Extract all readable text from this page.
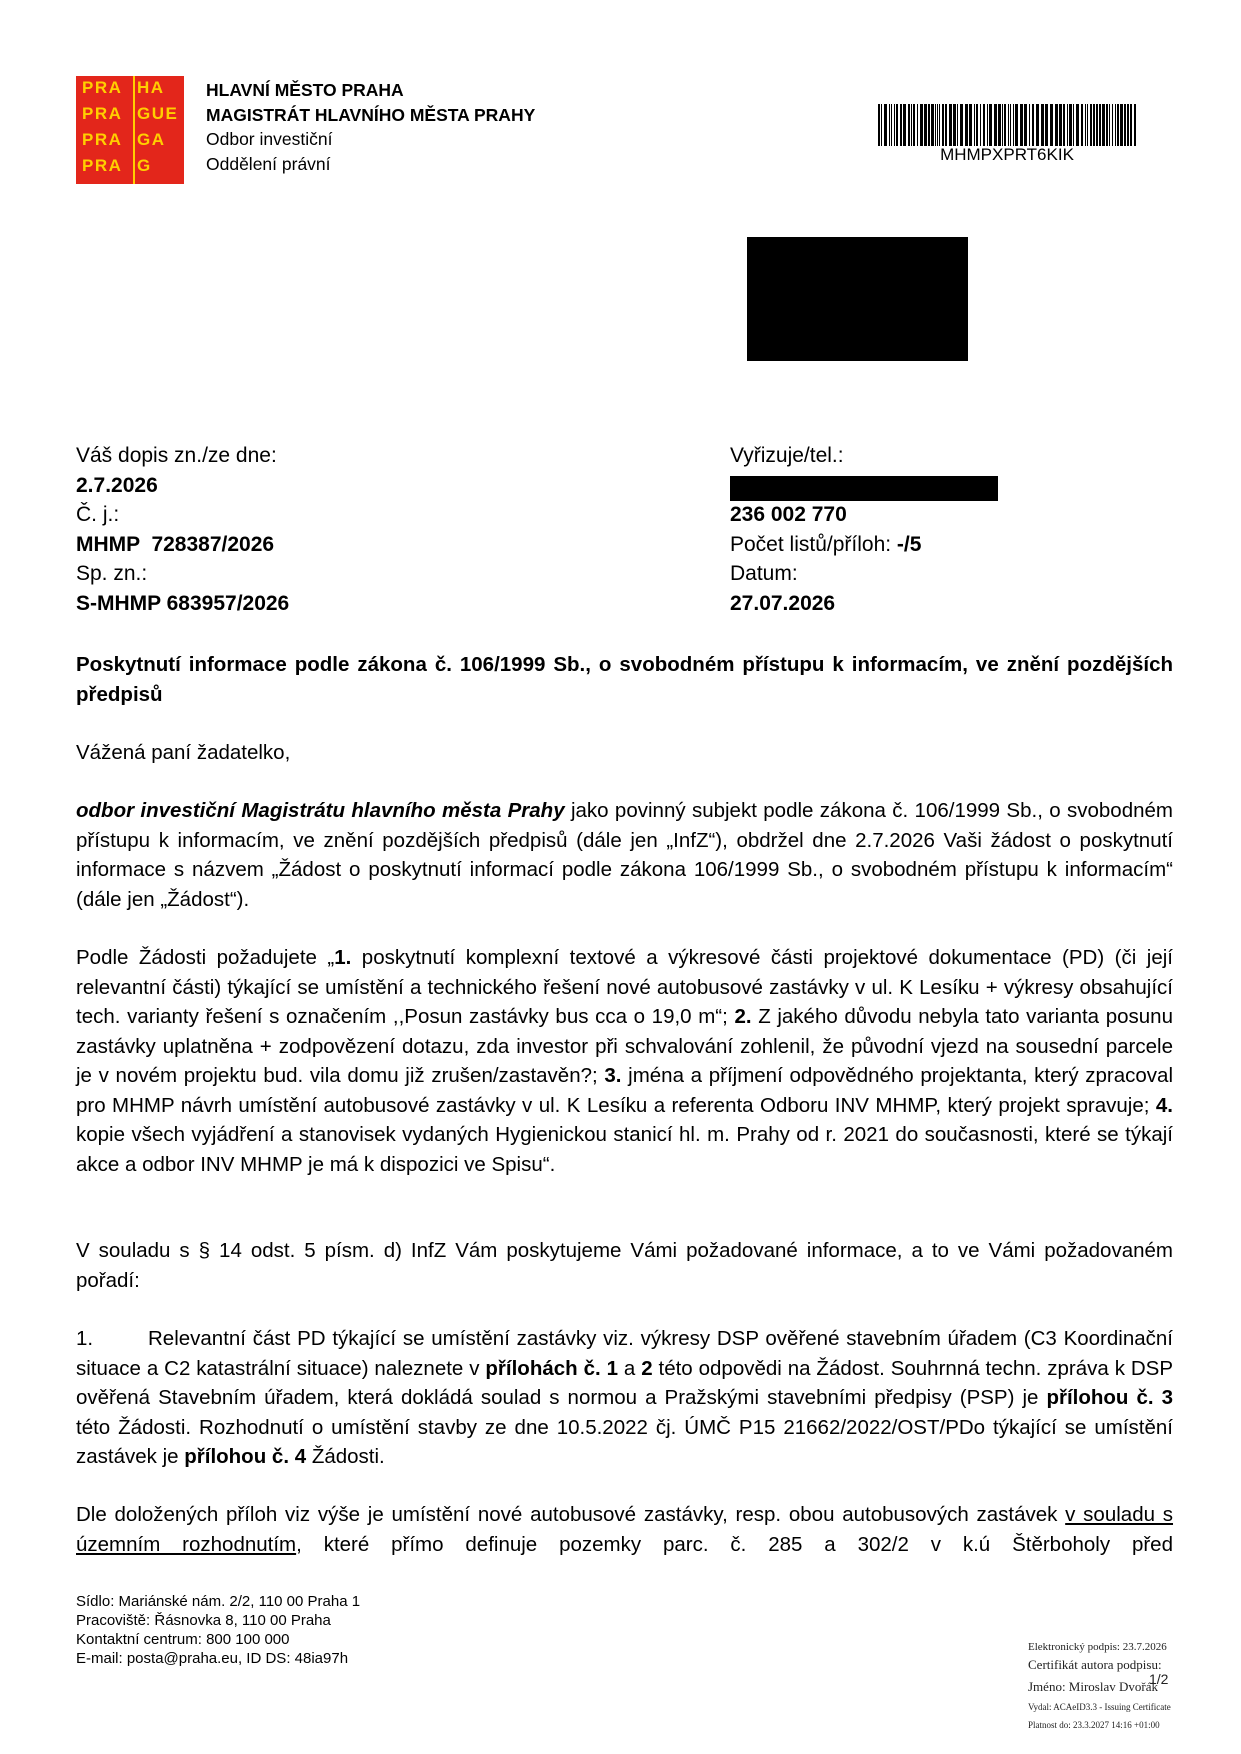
PRA HA
PRA GUE
PRA GA
PRA G
HLAVNÍ MĚSTO PRAHA
MAGISTRÁT HLAVNÍHO MĚSTA PRAHY
Odbor investiční
Oddělení právní	MHMPXPRT6KIK
Váš dopis zn./ze dne:
2.7.2026
Č. j.:
MHMP  728387/2026
Sp. zn.:
S-MHMP 683957/2026
Vyřizuje/tel.:
236 002 770
Počet listů/příloh: -/5
Datum:
27.07.2026
Poskytnutí informace podle zákona č. 106/1999 Sb., o svobodném přístupu k informacím, ve znění pozdějších předpisů
Vážená paní žadatelko,
odbor investiční Magistrátu hlavního města Prahy jako povinný subjekt podle zákona č. 106/1999 Sb., o svobodném přístupu k informacím, ve znění pozdějších předpisů (dále jen „InfZ“), obdržel dne 2.7.2026 Vaši žádost o poskytnutí informace s názvem „Žádost o poskytnutí informací podle zákona 106/1999 Sb., o svobodném přístupu k informacím“ (dále jen „Žádost“).
Podle Žádosti požadujete „1. poskytnutí komplexní textové a výkresové části projektové dokumentace (PD) (či její relevantní části) týkající se umístění a technického řešení nové autobusové zastávky v ul. K Lesíku + výkresy obsahující tech. varianty řešení s označením ,,Posun zastávky bus cca o 19,0 m“; 2. Z jakého důvodu nebyla tato varianta posunu zastávky uplatněna + zodpovězení dotazu, zda investor při schvalování zohlenil, že původní vjezd na sousední parcele je v novém projektu bud. vila domu již zrušen/zastavěn?; 3. jména a příjmení odpovědného projektanta, který zpracoval pro MHMP návrh umístění autobusové zastávky v ul. K Lesíku a referenta Odboru INV MHMP, který projekt spravuje; 4. kopie všech vyjádření a stanovisek vydaných Hygienickou stanicí hl. m. Prahy od r. 2021 do současnosti, které se týkají akce a odbor INV MHMP je má k dispozici ve Spisu“.
V souladu s § 14 odst. 5 písm. d) InfZ Vám poskytujeme Vámi požadované informace, a to ve Vámi požadovaném pořadí:
1.	Relevantní část PD týkající se umístění zastávky viz. výkresy DSP ověřené stavebním úřadem (C3 Koordinační situace a C2 katastrální situace) naleznete v přílohách č. 1 a 2 této odpovědi na Žádost. Souhrnná techn. zpráva k DSP ověřená Stavebním úřadem, která dokládá soulad s normou a Pražskými stavebními předpisy (PSP) je přílohou č. 3 této Žádosti. Rozhodnutí o umístění stavby ze dne 10.5.2022 čj. ÚMČ P15 21662/2022/OST/PDo týkající se umístění zastávek je přílohou č. 4 Žádosti.
Dle doložených příloh viz výše je umístění nové autobusové zastávky, resp. obou autobusových zastávek v souladu s územním rozhodnutím, které přímo definuje pozemky parc. č. 285 a 302/2 v k.ú Štěrboholy před
Sídlo: Mariánské nám. 2/2, 110 00 Praha 1
Pracoviště: Řásnovka 8, 110 00 Praha
Kontaktní centrum: 800 100 000
E-mail: posta@praha.eu, ID DS: 48ia97h
Elektronický podpis: 23.7.2026
Certifikát autora podpisu:
Jméno: Miroslav Dvořák
Vydal: ACAeID3.3 - Issuing Certificate
Platnost do: 23.3.2027 14:16 +01:00
1/2
